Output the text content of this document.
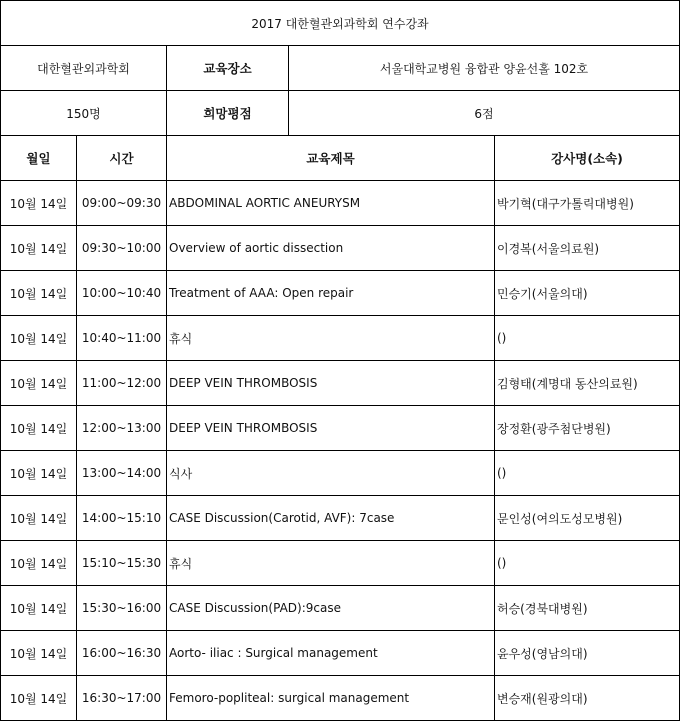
2017 대한혈관외과학회 연수강좌				
대한혈관외과학회		교육장소	서울대학교병원 융합관 양윤선홀 102호	
150명		희망평점	6점	
월일	시간	교육제목		강사명(소속)
10월 14일	09:00~09:30	ABDOMINAL AORTIC ANEURYSM		박기혁(대구가톨릭대병원)
10월 14일	09:30~10:00	Overview of aortic dissection		이경복(서울의료원)
10월 14일	10:00~10:40	Treatment of AAA: Open repair		민승기(서울의대)
10월 14일	10:40~11:00	휴식		()
10월 14일	11:00~12:00	DEEP VEIN THROMBOSIS		김형태(계명대 동산의료원)
10월 14일	12:00~13:00	DEEP VEIN THROMBOSIS		장정환(광주첨단병원)
10월 14일	13:00~14:00	식사		()
10월 14일	14:00~15:10	CASE Discussion(Carotid, AVF): 7case		문인성(여의도성모병원)
10월 14일	15:10~15:30	휴식		()
10월 14일	15:30~16:00	CASE Discussion(PAD):9case		허승(경북대병원)
10월 14일	16:00~16:30	Aorto- iliac : Surgical management		윤우성(영남의대)
10월 14일	16:30~17:00	Femoro-popliteal: surgical management		변승재(원광의대)
